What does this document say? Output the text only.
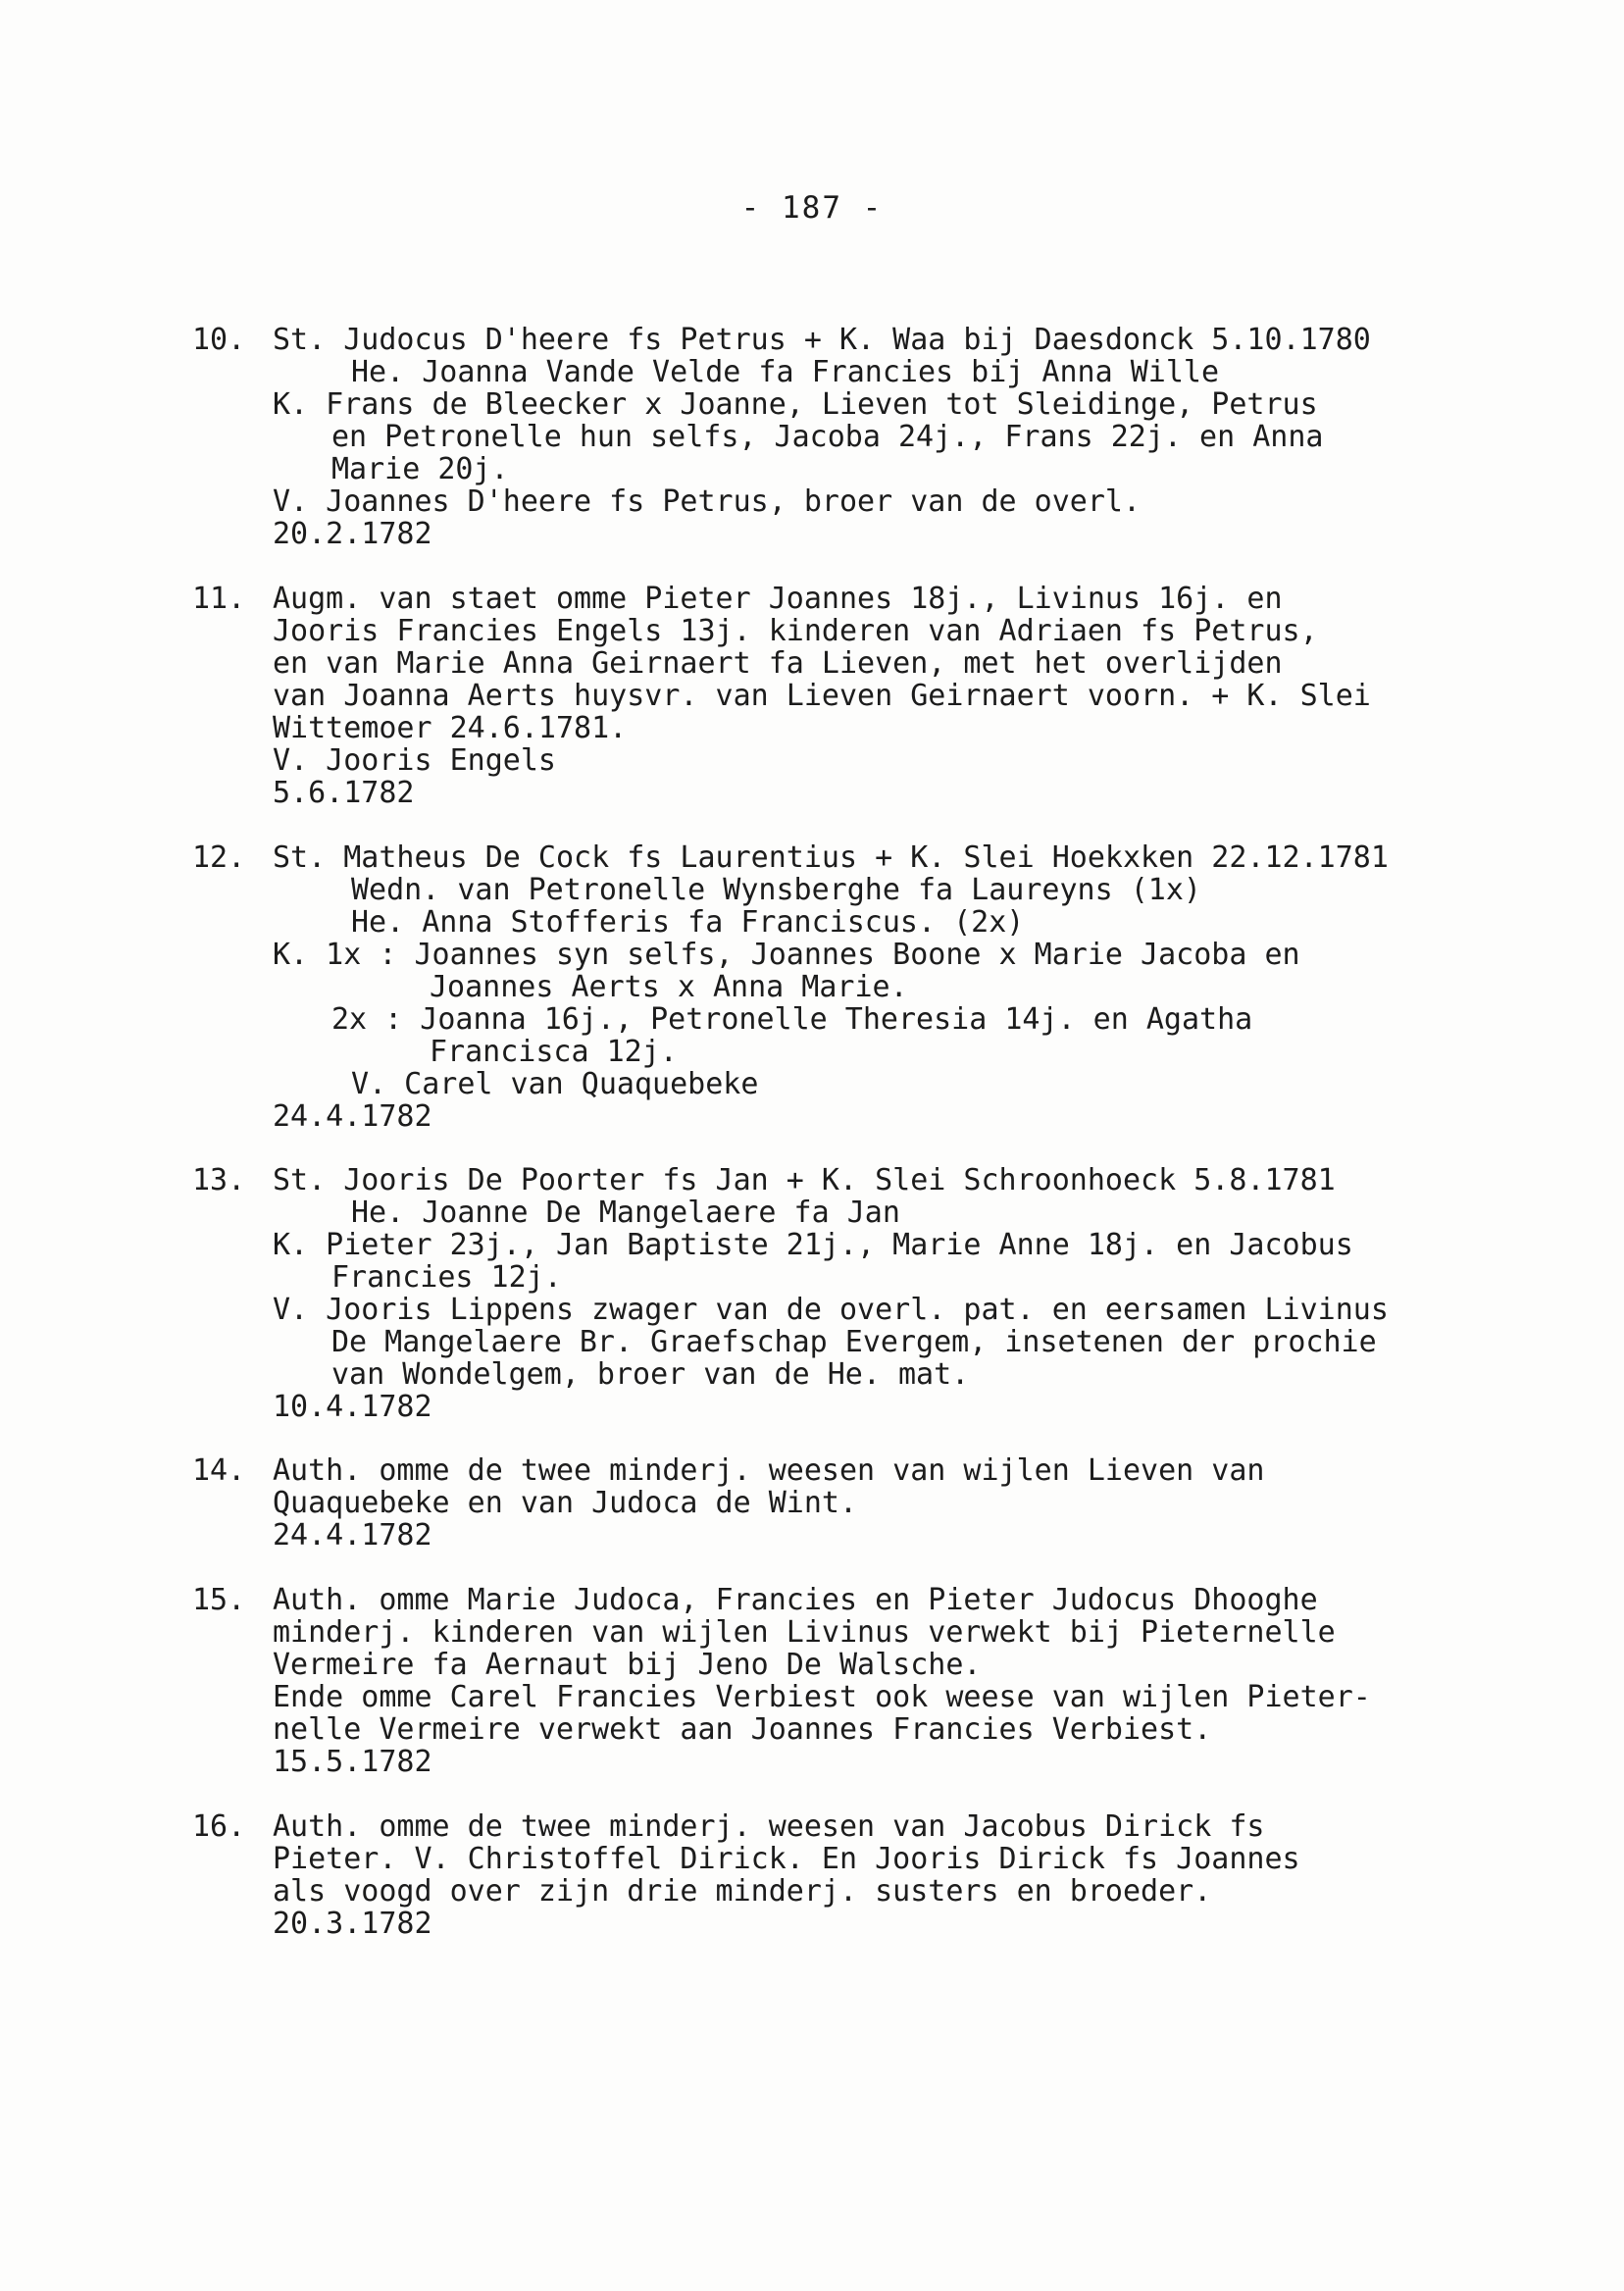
- 187 -
10. St. Judocus D'heere fs Petrus + K. Waa bij Daesdonck 5.10.1780
He. Joanna Vande Velde fa Francies bij Anna Wille
K. Frans de Bleecker x Joanne, Lieven tot Sleidinge, Petrus
en Petronelle hun selfs, Jacoba 24j., Frans 22j. en Anna
Marie 20j.
V. Joannes D'heere fs Petrus, broer van de overl.
20.2.1782
11. Augm. van staet omme Pieter Joannes 18j., Livinus 16j. en
Jooris Francies Engels 13j. kinderen van Adriaen fs Petrus,
en van Marie Anna Geirnaert fa Lieven, met het overlijden
van Joanna Aerts huysvr. van Lieven Geirnaert voorn. + K. Slei
Wittemoer 24.6.1781.
V. Jooris Engels
5.6.1782
12. St. Matheus De Cock fs Laurentius + K. Slei Hoekxken 22.12.1781
Wedn. van Petronelle Wynsberghe fa Laureyns (1x)
He. Anna Stofferis fa Franciscus. (2x)
K. 1x : Joannes syn selfs, Joannes Boone x Marie Jacoba en
Joannes Aerts x Anna Marie.
2x : Joanna 16j., Petronelle Theresia 14j. en Agatha
Francisca 12j.
V. Carel van Quaquebeke
24.4.1782
13. St. Jooris De Poorter fs Jan + K. Slei Schroonhoeck 5.8.1781
He. Joanne De Mangelaere fa Jan
K. Pieter 23j., Jan Baptiste 21j., Marie Anne 18j. en Jacobus
Francies 12j.
V. Jooris Lippens zwager van de overl. pat. en eersamen Livinus
De Mangelaere Br. Graefschap Evergem, insetenen der prochie
van Wondelgem, broer van de He. mat.
10.4.1782
14. Auth. omme de twee minderj. weesen van wijlen Lieven van
Quaquebeke en van Judoca de Wint.
24.4.1782
15. Auth. omme Marie Judoca, Francies en Pieter Judocus Dhooghe
minderj. kinderen van wijlen Livinus verwekt bij Pieternelle
Vermeire fa Aernaut bij Jeno De Walsche.
Ende omme Carel Francies Verbiest ook weese van wijlen Pieter-
nelle Vermeire verwekt aan Joannes Francies Verbiest.
15.5.1782
16. Auth. omme de twee minderj. weesen van Jacobus Dirick fs
Pieter. V. Christoffel Dirick. En Jooris Dirick fs Joannes
als voogd over zijn drie minderj. susters en broeder.
20.3.1782
